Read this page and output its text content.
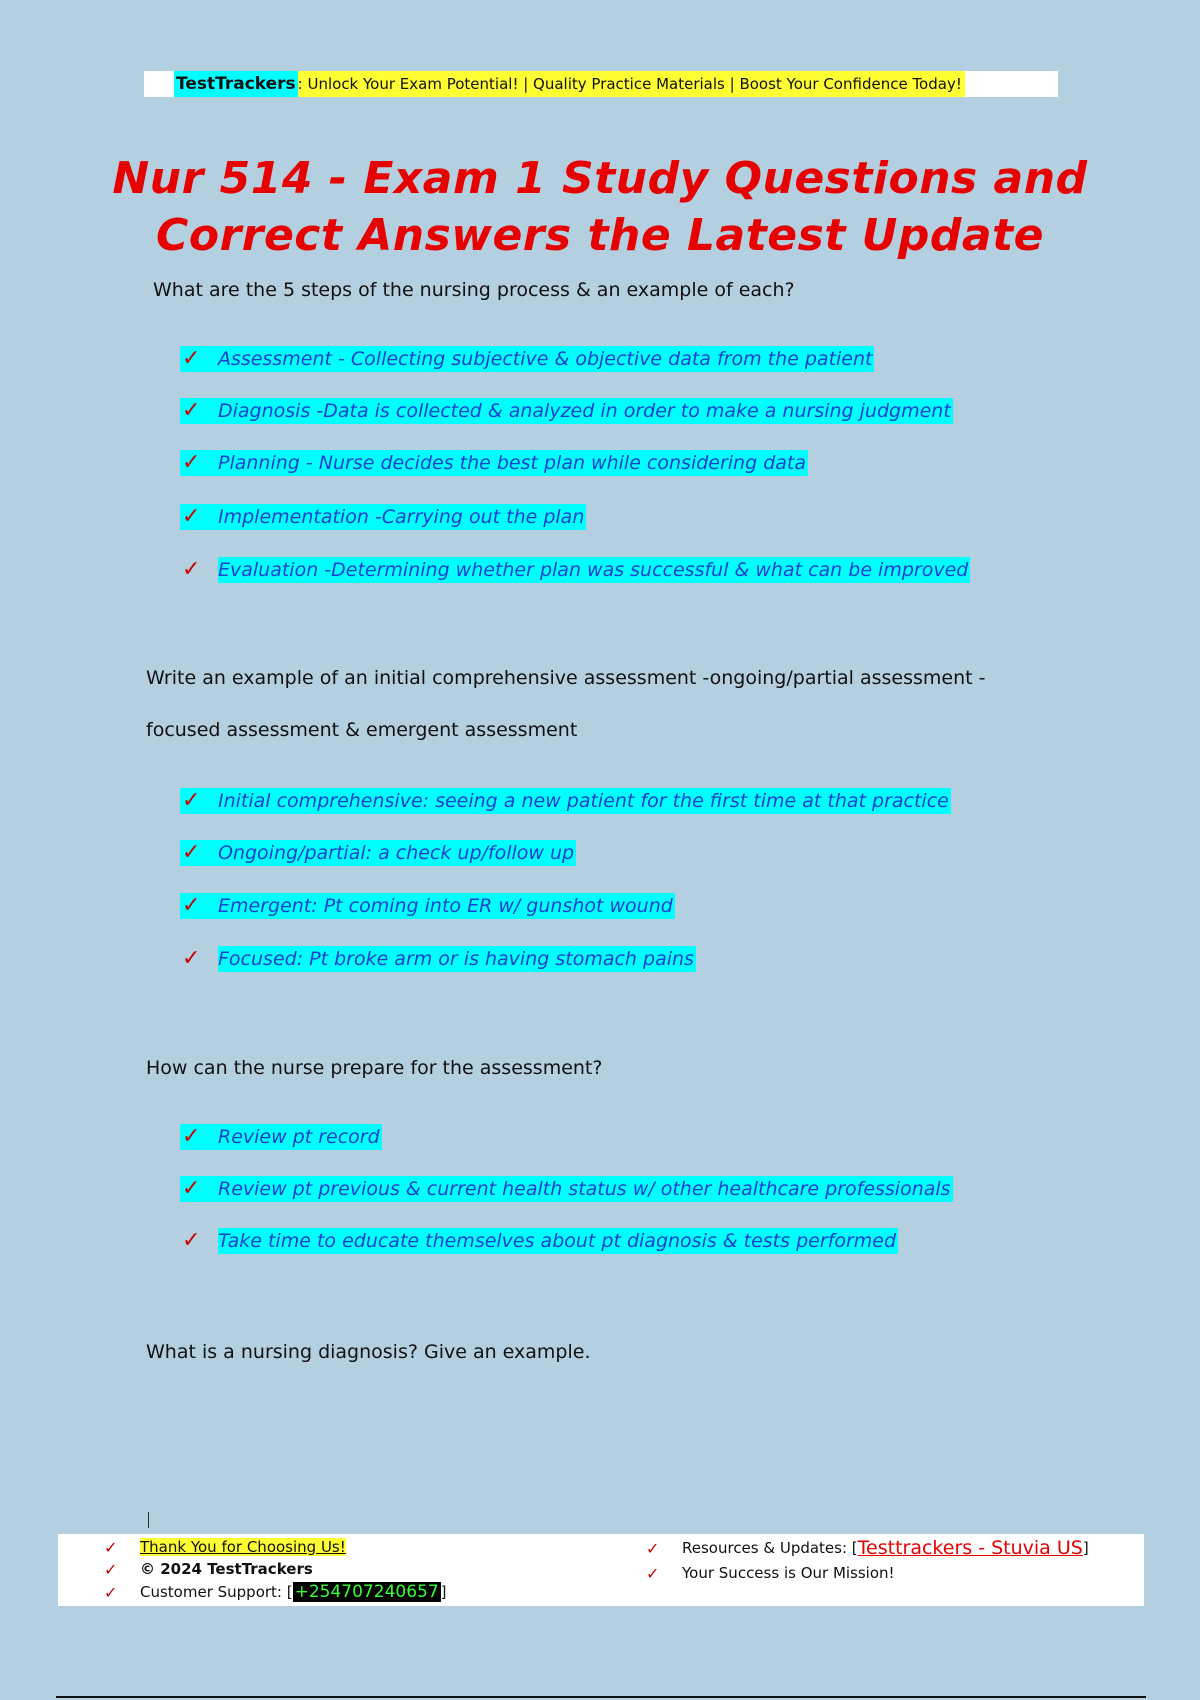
TestTrackers : Unlock Your Exam Potential! | Quality Practice Materials | Boost Your Confidence Today!
Nur 514 - Exam 1 Study Questions and
Correct Answers the Latest Update
What are the 5 steps of the nursing process & an example of each?
✓ Assessment - Collecting subjective & objective data from the patient
✓ Diagnosis -Data is collected & analyzed in order to make a nursing judgment
✓ Planning - Nurse decides the best plan while considering data
✓ Implementation -Carrying out the plan
✓ Evaluation -Determining whether plan was successful & what can be improved
Write an example of an initial comprehensive assessment -ongoing/partial assessment -
focused assessment & emergent assessment
✓ Initial comprehensive: seeing a new patient for the first time at that practice
✓ Ongoing/partial: a check up/follow up
✓ Emergent: Pt coming into ER w/ gunshot wound
✓ Focused: Pt broke arm or is having stomach pains
How can the nurse prepare for the assessment?
✓ Review pt record
✓ Review pt previous & current health status w/ other healthcare professionals
✓ Take time to educate themselves about pt diagnosis & tests performed
What is a nursing diagnosis? Give an example.
✓	Thank You for Choosing Us!
✓	© 2024 TestTrackers
✓	Customer Support: [ +254707240657 ]
✓	Resources & Updates: [ Testtrackers - Stuvia US ]
✓	Your Success is Our Mission!
